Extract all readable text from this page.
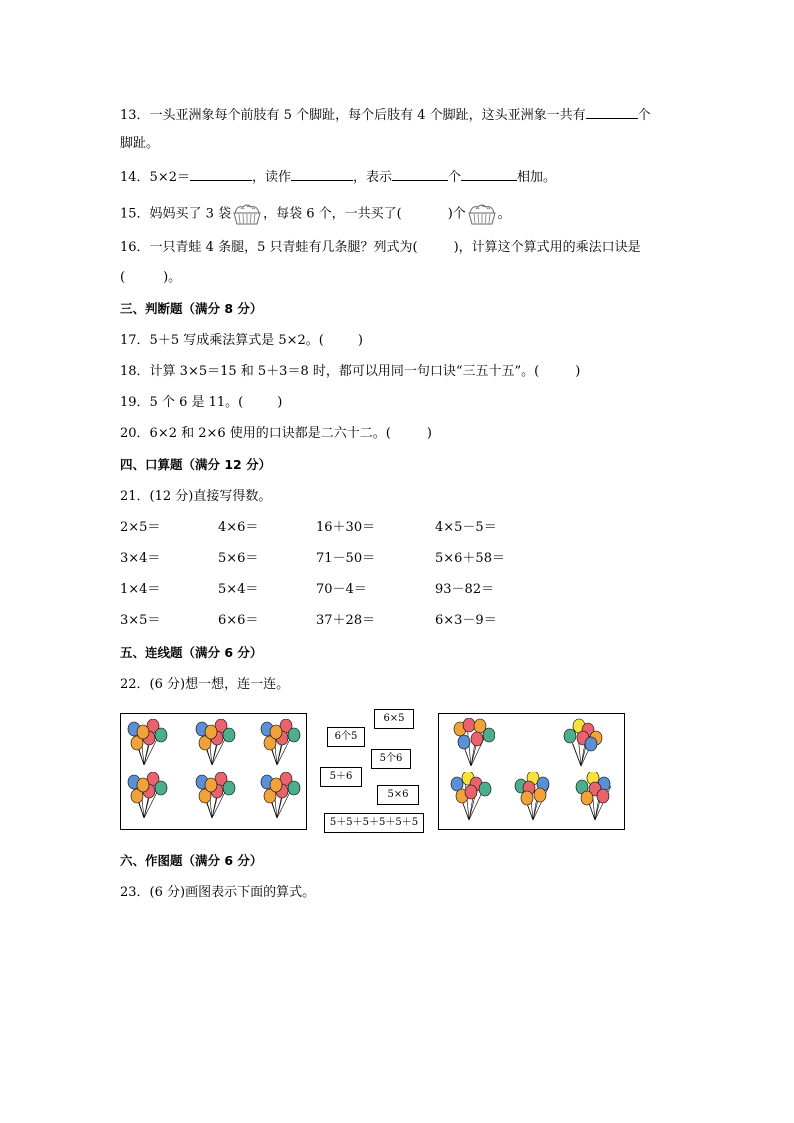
13．一头亚洲象每个前肢有 5 个脚趾，每个后肢有 4 个脚趾，这头亚洲象一共有	个
脚趾。
14．5×2＝	，读作	，表示	个	相加。
15．妈妈买了 3 袋 ，每袋 6 个，一共买了(	)个 。
16．一只青蛙 4 条腿，5 只青蛙有几条腿？列式为(	)，计算这个算式用的乘法口诀是
(	)。
三、判断题（满分 8 分）
17．5＋5 写成乘法算式是 5×2。(	)
18．计算 3×5＝15 和 5＋3＝8 时，都可以用同一句口诀“三五十五”。(	)
19．5 个 6 是 11。(	)
20．6×2 和 2×6 使用的口诀都是二六十二。(	)
四、口算题（满分 12 分）
21．(12 分)直接写得数。
2×5＝	4×6＝	16＋30＝	4×5－5＝
3×4＝	5×6＝	71－50＝	5×6＋58＝
1×4＝	5×4＝	70－4＝	93－82＝
3×5＝	6×6＝	37＋28＝	6×3－9＝
五、连线题（满分 6 分）
22．(6 分)想一想，连一连。
6×5
6个5
5个6
5＋6
5×6
5＋5＋5＋5＋5＋5
六、作图题（满分 6 分）
23．(6 分)画图表示下面的算式。
